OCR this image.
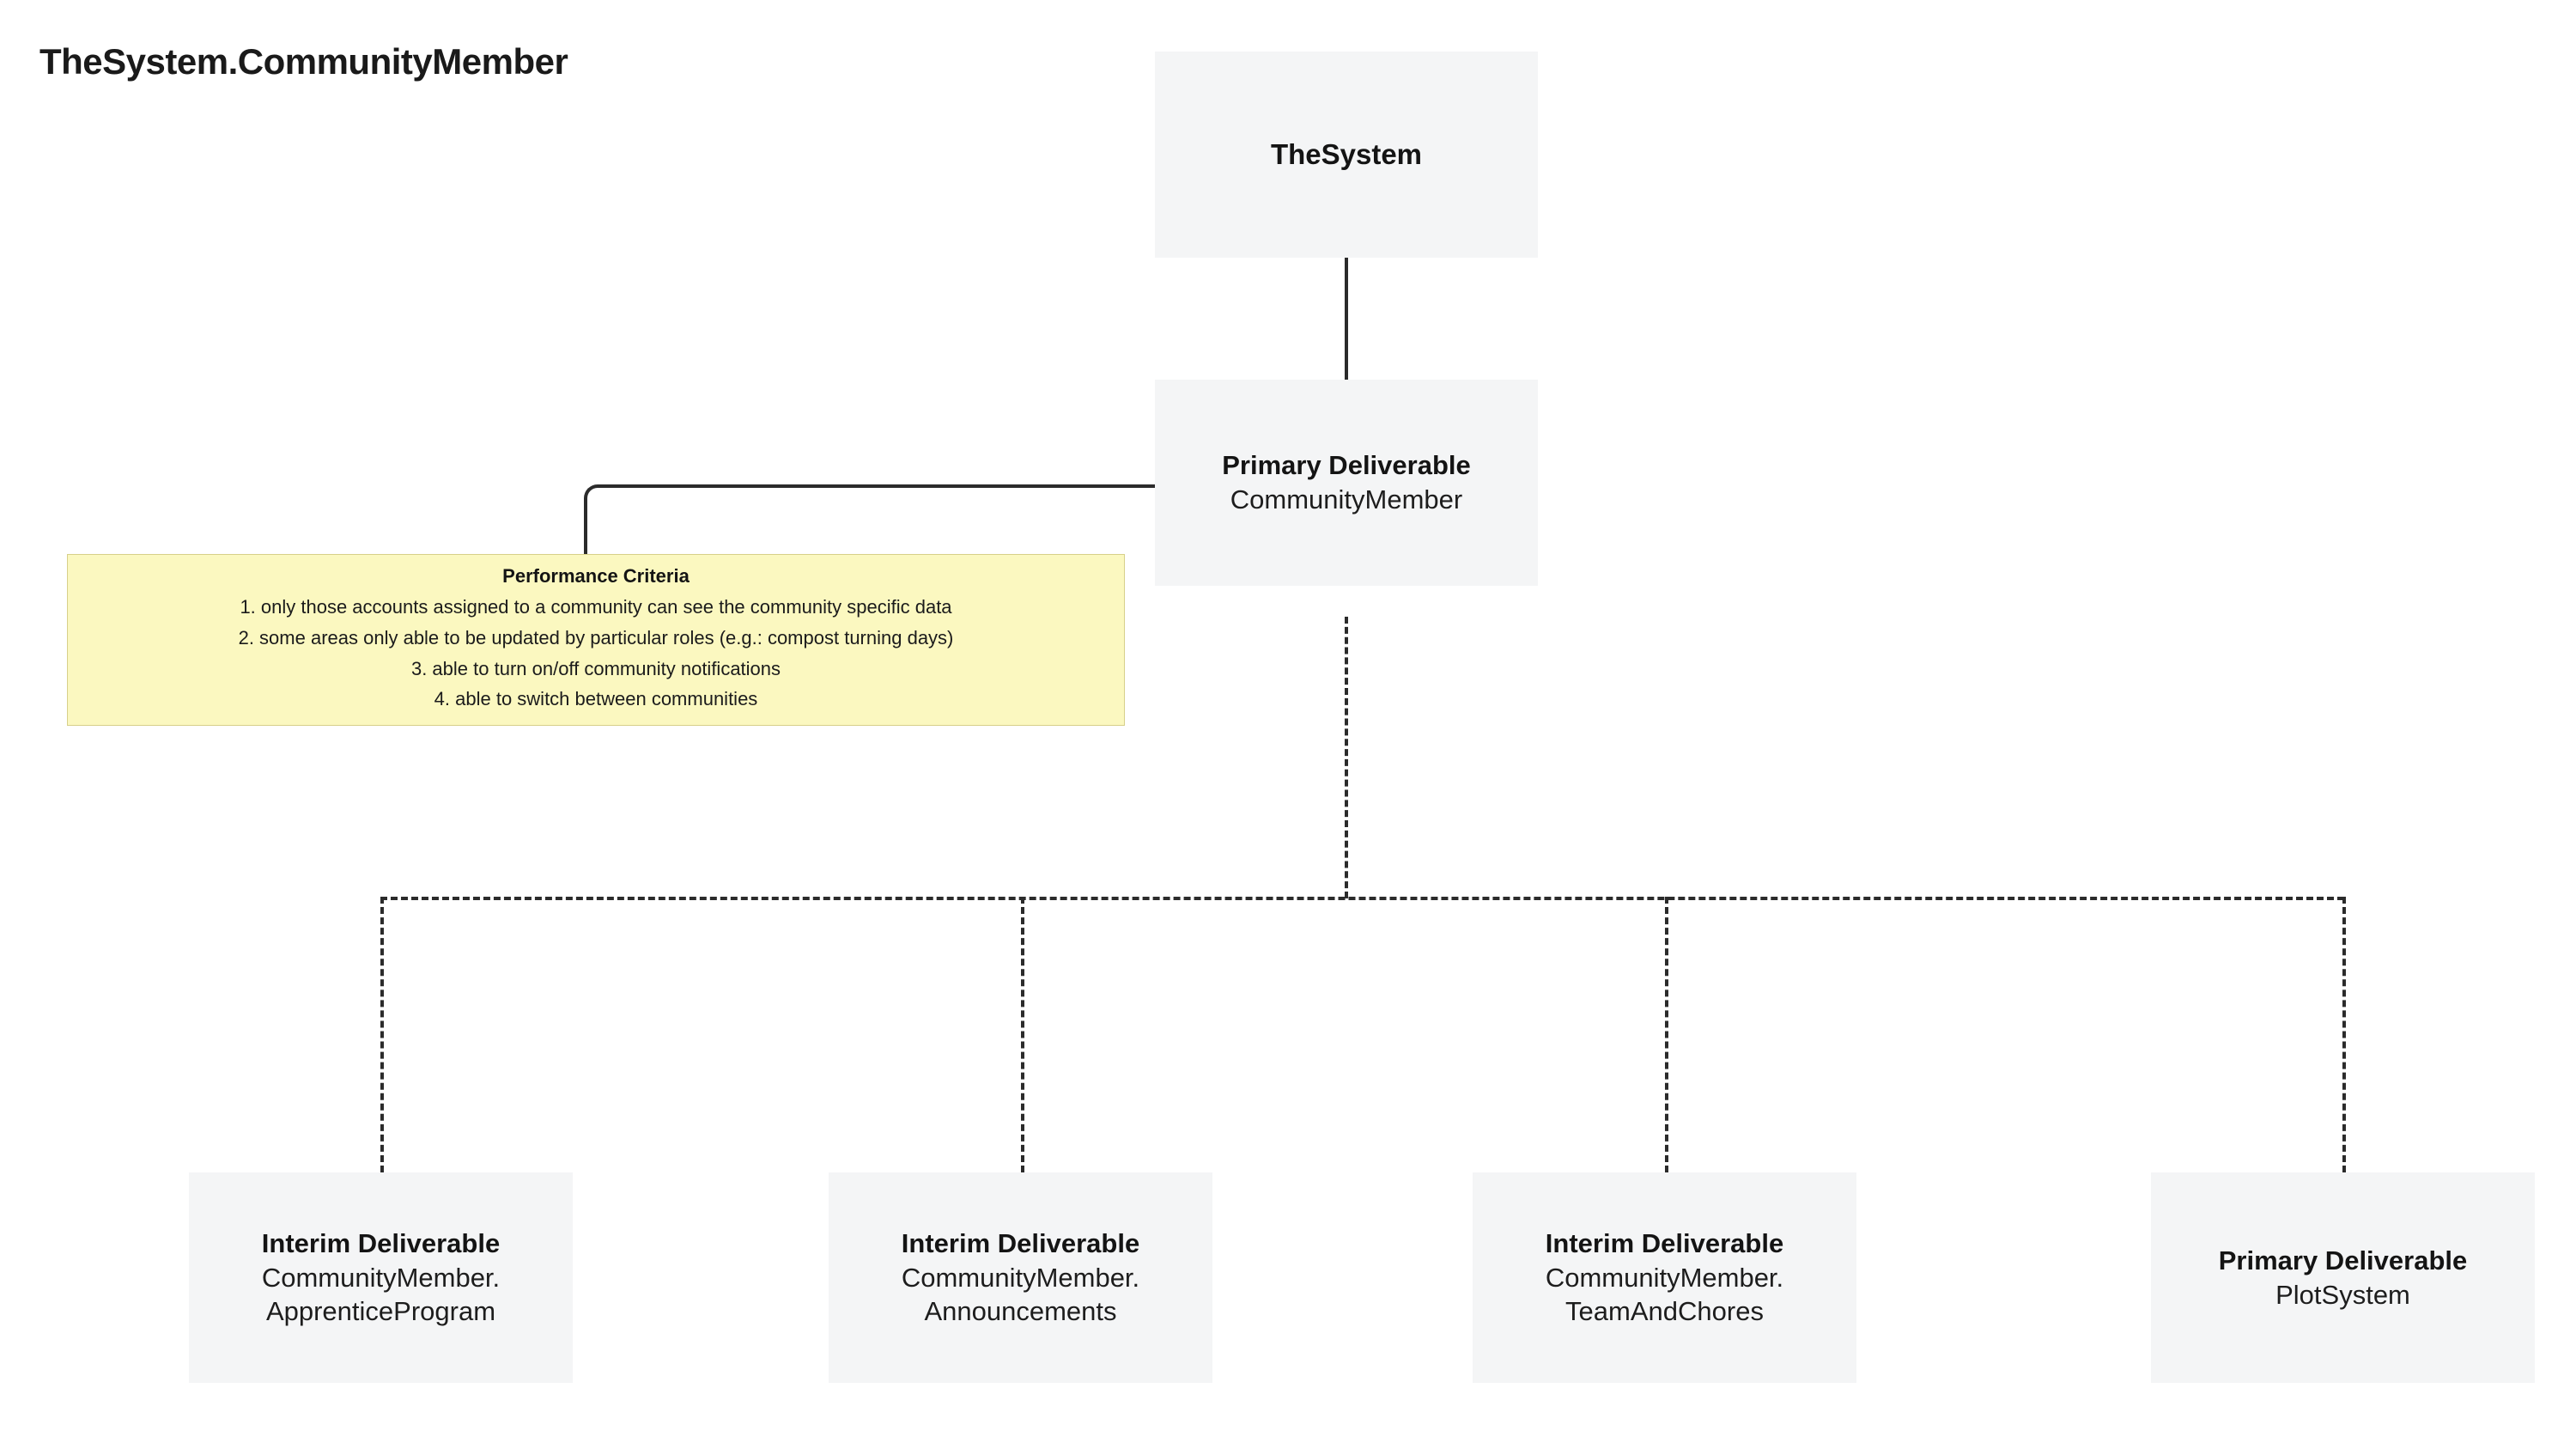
TheSystem.CommunityMember
TheSystem
Primary Deliverable
CommunityMember
Interim Deliverable
CommunityMember. ApprenticeProgram
Interim Deliverable
CommunityMember. Announcements
Interim Deliverable
CommunityMember. TeamAndChores
Primary Deliverable
PlotSystem
Performance Criteria
1. only those accounts assigned to a community can see the community specific data
2. some areas only able to be updated by particular roles (e.g.: compost turning days)
3. able to turn on/off community notifications
4. able to switch between communities
